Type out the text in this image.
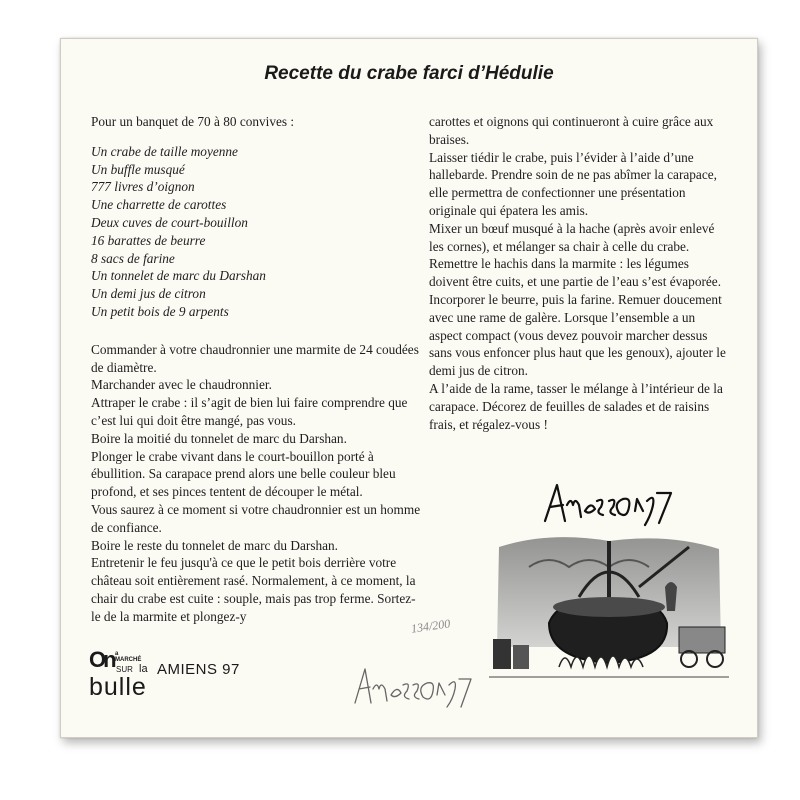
Recette du crabe farci d’Hédulie

Pour un banquet de 70 à 80 convives :

Un crabe de taille moyenne
Un buffle musqué
777 livres d’oignon
Une charrette de carottes
Deux cuves de court-bouillon
16 barattes de beurre
8 sacs de farine
Un tonnelet de marc du Darshan
Un demi jus de citron
Un petit bois de 9 arpents

Commander à votre chaudronnier une marmite de 24 coudées de diamètre.

Marchander avec le chaudronnier.

Attraper le crabe : il s’agit de bien lui faire comprendre que c’est lui qui doit être mangé, pas vous.

Boire la moitié du tonnelet de marc du Darshan.

Plonger le crabe vivant dans le court-bouillon porté à ébullition. Sa carapace prend alors une belle couleur bleu profond, et ses pinces tentent de découper le métal.

Vous saurez à ce moment si votre chaudronnier est un homme de confiance.

Boire le reste du tonnelet de marc du Darshan.

Entretenir le feu jusqu'à ce que le petit bois derrière votre château soit entièrement rasé. Normalement, à ce moment, la chair du crabe est cuite : souple, mais pas trop ferme. Sortez-le de la marmite et plongez-y

carottes et oignons qui continueront à cuire grâce aux braises.

Laisser tiédir le crabe, puis l’évider à l’aide d’une hallebarde. Prendre soin de ne pas abîmer la carapace, elle permettra de confectionner une présentation originale qui épatera les amis.

Mixer un bœuf musqué à la hache (après avoir enlevé les cornes), et mélanger sa chair à celle du crabe.

Remettre le hachis dans la marmite : les légumes doivent être cuits, et une partie de l’eau s’est évaporée.

Incorporer le beurre, puis la farine. Remuer doucement avec une rame de galère. Lorsque l’ensemble a un aspect compact (vous devez pouvoir marcher dessus sans vous enfoncer plus haut que les genoux), ajouter le demi jus de citron.

A l’aide de la rame, tasser le mélange à l’intérieur de la carapace. Décorez de feuilles de salades et de raisins frais, et régalez-vous !

On a MARCHÉ
SUR la
bulle
AMIENS 97
134/200
